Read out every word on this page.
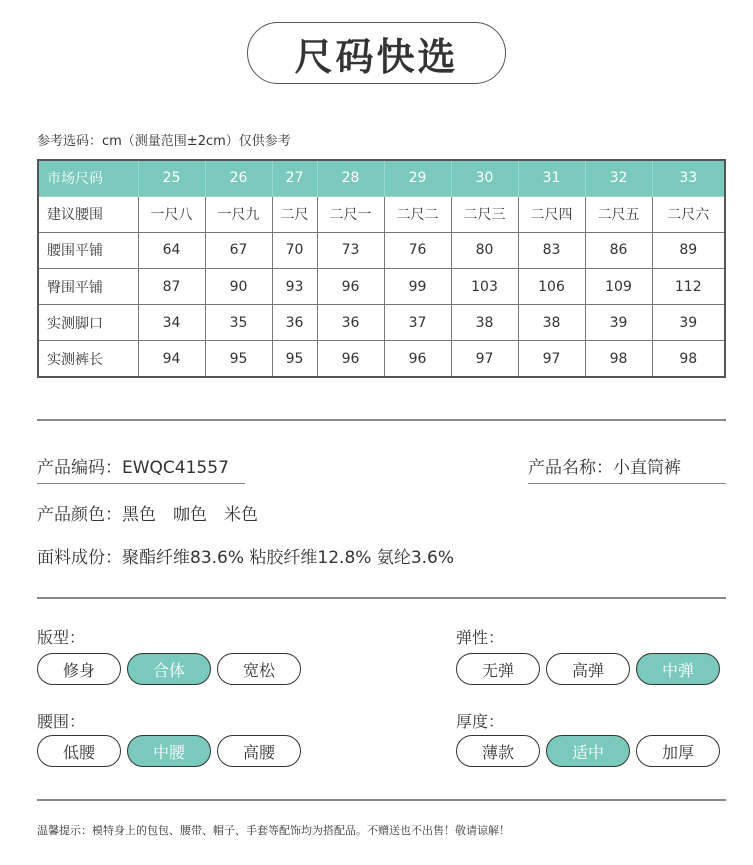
尺码快选
参考选码：cm（测量范围±2cm）仅供参考
市场尺码	25	26	27	28	29	30	31	32	33
建议腰围	一尺八	一尺九	二尺	二尺一	二尺二	二尺三	二尺四	二尺五	二尺六
腰围平铺	64	67	70	73	76	80	83	86	89
臀围平铺	87	90	93	96	99	103	106	109	112
实测脚口	34	35	36	36	37	38	38	39	39
实测裤长	94	95	95	96	96	97	97	98	98
产品编码：EWQC41557	产品名称：小直筒裤
产品颜色：黑色　咖色　米色
面料成份：聚酯纤维83.6% 粘胶纤维12.8% 氨纶3.6%
版型：
修身	合体	宽松
弹性：
无弹	高弹	中弹
腰围：
低腰	中腰	高腰
厚度：
薄款	适中	加厚
温馨提示：模特身上的包包、腰带、帽子、手套等配饰均为搭配品。不赠送也不出售！敬请谅解！
